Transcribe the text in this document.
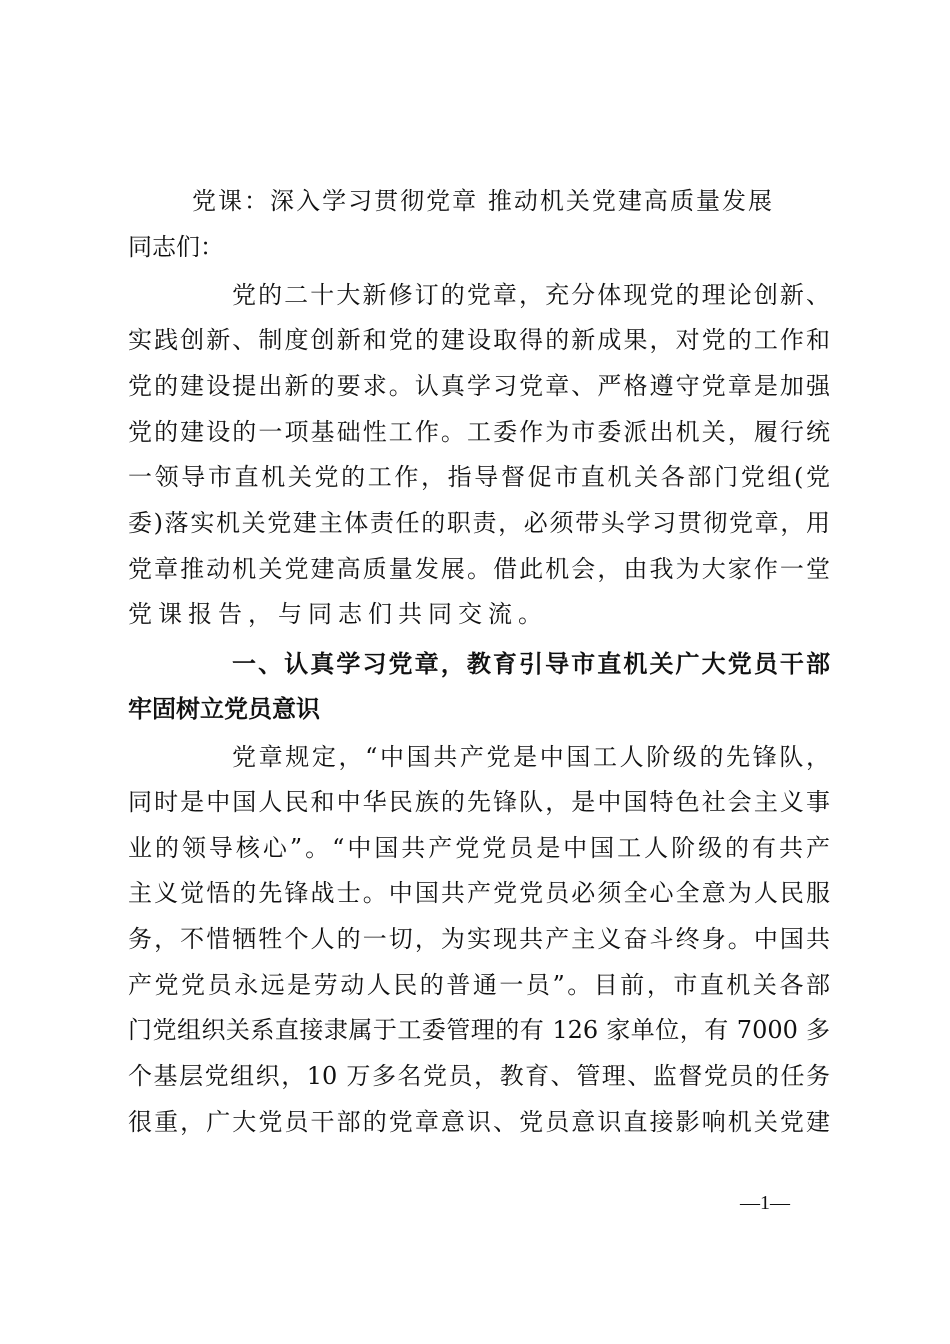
党课：深入学习贯彻党章 推动机关党建高质量发展
同志们：
党的二十大新修订的党章，充分体现党的理论创新、
实践创新、制度创新和党的建设取得的新成果，对党的工作和
党的建设提出新的要求。认真学习党章、严格遵守党章是加强
党的建设的一项基础性工作。工委作为市委派出机关，履行统
一领导市直机关党的工作，指导督促市直机关各部门党组(党
委)落实机关党建主体责任的职责，必须带头学习贯彻党章，用
党章推动机关党建高质量发展。借此机会，由我为大家作一堂
党课报告，与同志们共同交流。
一、认真学习党章，教育引导市直机关广大党员干部
牢固树立党员意识
党章规定，“中国共产党是中国工人阶级的先锋队，
同时是中国人民和中华民族的先锋队，是中国特色社会主义事
业的领导核心”。“中国共产党党员是中国工人阶级的有共产
主义觉悟的先锋战士。中国共产党党员必须全心全意为人民服
务，不惜牺牲个人的一切，为实现共产主义奋斗终身。中国共
产党党员永远是劳动人民的普通一员”。目前，市直机关各部
门党组织关系直接隶属于工委管理的有 126 家单位，有 7000 多
个基层党组织，10 万多名党员，教育、管理、监督党员的任务
很重，广大党员干部的党章意识、党员意识直接影响机关党建
—1—
